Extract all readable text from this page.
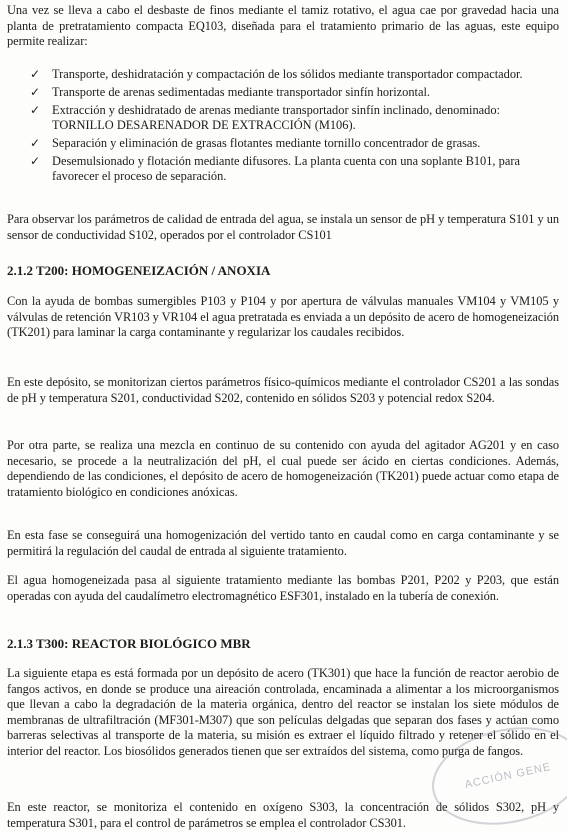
Una vez se lleva a cabo el desbaste de finos mediante el tamiz rotativo, el agua cae por gravedad hacia una planta de pretratamiento compacta EQ103, diseñada para el tratamiento primario de las aguas, este equipo permite realizar:

✓ Transporte, deshidratación y compactación de los sólidos mediante transportador compactador.
✓ Transporte de arenas sedimentadas mediante transportador sinfín horizontal.
✓ Extracción y deshidratado de arenas mediante transportador sinfín inclinado, denominado: TORNILLO DESARENADOR DE EXTRACCIÓN (M106).
✓ Separación y eliminación de grasas flotantes mediante tornillo concentrador de grasas.
✓ Desemulsionado y flotación mediante difusores. La planta cuenta con una soplante B101, para favorecer el proceso de separación.

Para observar los parámetros de calidad de entrada del agua, se instala un sensor de pH y temperatura S101 y un sensor de conductividad S102, operados por el controlador CS101

2.1.2 T200: HOMOGENEIZACIÓN / ANOXIA

Con la ayuda de bombas sumergibles P103 y P104 y por apertura de válvulas manuales VM104 y VM105 y válvulas de retención VR103 y VR104 el agua pretratada es enviada a un depósito de acero de homogeneización (TK201) para laminar la carga contaminante y regularizar los caudales recibidos.

En este depósito, se monitorizan ciertos parámetros físico-químicos mediante el controlador CS201 a las sondas de pH y temperatura S201, conductividad S202, contenido en sólidos S203 y potencial redox S204.

Por otra parte, se realiza una mezcla en continuo de su contenido con ayuda del agitador AG201 y en caso necesario, se procede a la neutralización del pH, el cual puede ser ácido en ciertas condiciones. Además, dependiendo de las condiciones, el depósito de acero de homogeneización (TK201) puede actuar como etapa de tratamiento biológico en condiciones anóxicas.

En esta fase se conseguirá una homogenización del vertido tanto en caudal como en carga contaminante y se permitirá la regulación del caudal de entrada al siguiente tratamiento.

El agua homogeneizada pasa al siguiente tratamiento mediante las bombas P201, P202 y P203, que están operadas con ayuda del caudalímetro electromagnético ESF301, instalado en la tubería de conexión.

2.1.3 T300: REACTOR BIOLÓGICO MBR

La siguiente etapa es está formada por un depósito de acero (TK301) que hace la función de reactor aerobio de fangos activos, en donde se produce una aireación controlada, encaminada a alimentar a los microorganismos que llevan a cabo la degradación de la materia orgánica, dentro del reactor se instalan los siete módulos de membranas de ultrafiltración (MF301-M307) que son películas delgadas que separan dos fases y actúan como barreras selectivas al transporte de la materia, su misión es extraer el líquido filtrado y retener el sólido en el interior del reactor. Los biosólidos generados tienen que ser extraídos del sistema, como purga de fangos.

En este reactor, se monitoriza el contenido en oxígeno S303, la concentración de sólidos S302, pH y temperatura S301, para el control de parámetros se emplea el controlador CS301.

ACCIÓN GENE
